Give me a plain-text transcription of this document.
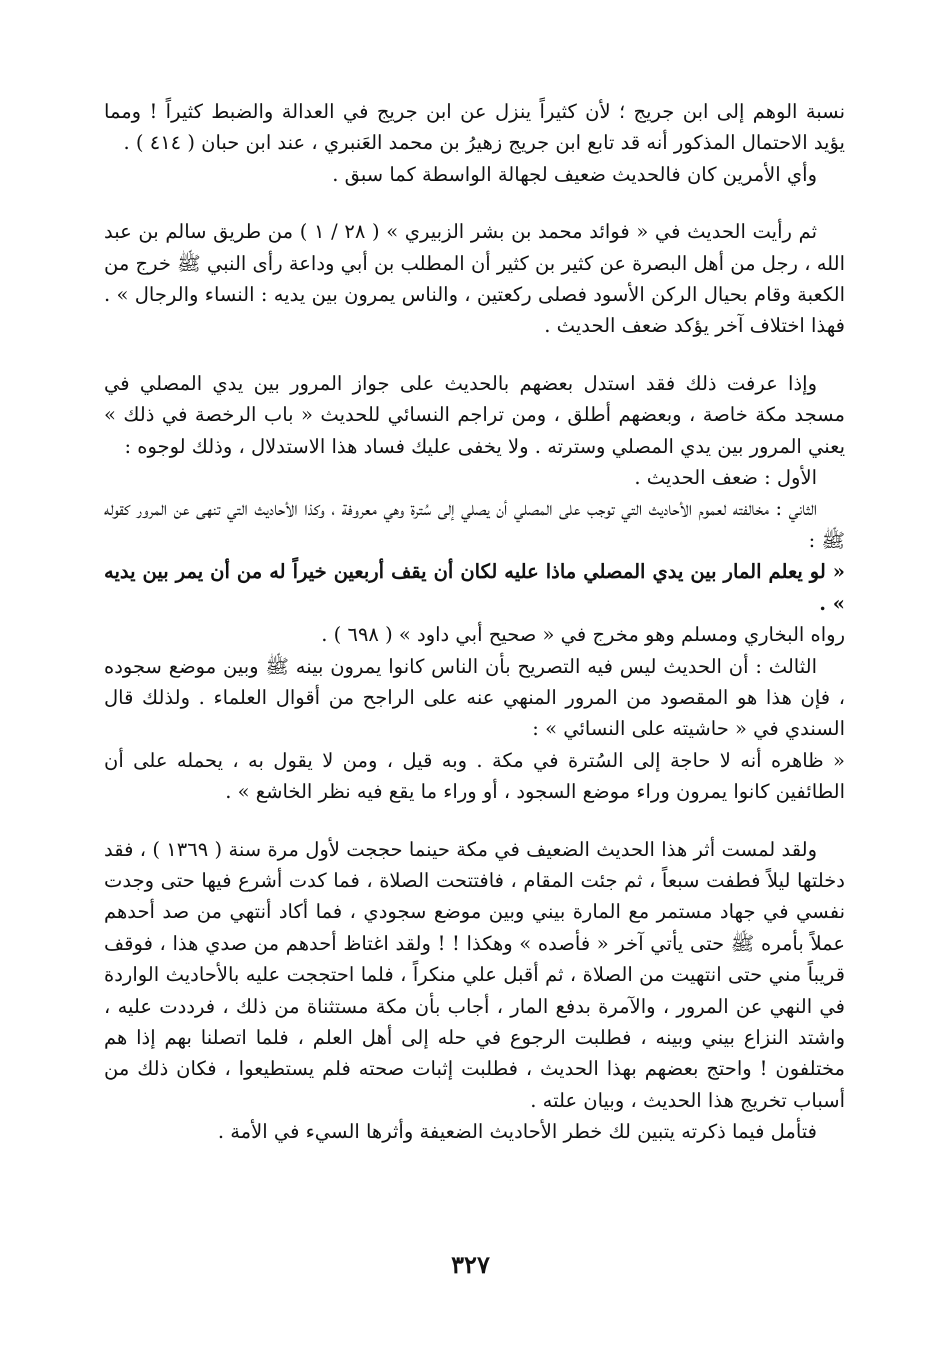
نسبة الوهم إلى ابن جريج ؛ لأن كثيراً ينزل عن ابن جريج في العدالة والضبط كثيراً ! ومما يؤيد الاحتمال المذكور أنه قد تابع ابن جريج زهيرُ بن محمد العَنبري ، عند ابن حبان ( ٤١٤ ) .

وأي الأمرين كان فالحديث ضعيف لجهالة الواسطة كما سبق .

ثم رأيت الحديث في « فوائد محمد بن بشر الزبيري » ( ٢٨ / ١ ) من طريق سالم بن عبد الله ، رجل من أهل البصرة عن كثير بن كثير أن المطلب بن أبي وداعة رأى النبي ﷺ خرج من الكعبة وقام بحيال الركن الأسود فصلى ركعتين ، والناس يمرون بين يديه : النساء والرجال » . فهذا اختلاف آخر يؤكد ضعف الحديث .

وإذا عرفت ذلك فقد استدل بعضهم بالحديث على جواز المرور بين يدي المصلي في مسجد مكة خاصة ، وبعضهم أطلق ، ومن تراجم النسائي للحديث « باب الرخصة في ذلك » يعني المرور بين يدي المصلي وسترته . ولا يخفى عليك فساد هذا الاستدلال ، وذلك لوجوه :

الأول : ضعف الحديث .

الثاني : مخالفته لعموم الأحاديث التي توجب على المصلي أن يصلي إلى سُترة وهي معروفة ، وكذا الأحاديث التي تنهى عن المرور كقوله ﷺ :

« لو يعلم المار بين يدي المصلي ماذا عليه لكان أن يقف أربعين خيراً له من أن يمر بين يديه » .

رواه البخاري ومسلم وهو مخرج في « صحيح أبي داود » ( ٦٩٨ ) .

الثالث : أن الحديث ليس فيه التصريح بأن الناس كانوا يمرون بينه ﷺ وبين موضع سجوده ، فإن هذا هو المقصود من المرور المنهي عنه على الراجح من أقوال العلماء . ولذلك قال السندي في « حاشيته على النسائي » :

« ظاهره أنه لا حاجة إلى السُترة في مكة . وبه قيل ، ومن لا يقول به ، يحمله على أن الطائفين كانوا يمرون وراء موضع السجود ، أو وراء ما يقع فيه نظر الخاشع » .

ولقد لمست أثر هذا الحديث الضعيف في مكة حينما حججت لأول مرة سنة ( ١٣٦٩ ) ، فقد دخلتها ليلاً فطفت سبعاً ، ثم جئت المقام ، فافتتحت الصلاة ، فما كدت أشرع فيها حتى وجدت نفسي في جهاد مستمر مع المارة بيني وبين موضع سجودي ، فما أكاد أنتهي من صد أحدهم عملاً بأمره ﷺ حتى يأتي آخر « فأصده » وهكذا ! ! ولقد اغتاظ أحدهم من صدي هذا ، فوقف قريباً مني حتى انتهيت من الصلاة ، ثم أقبل علي منكراً ، فلما احتججت عليه بالأحاديث الواردة في النهي عن المرور ، والآمرة بدفع المار ، أجاب بأن مكة مستثناة من ذلك ، فرددت عليه ، واشتد النزاع بيني وبينه ، فطلبت الرجوع في حله إلى أهل العلم ، فلما اتصلنا بهم إذا هم مختلفون ! واحتج بعضهم بهذا الحديث ، فطلبت إثبات صحته فلم يستطيعوا ، فكان ذلك من أسباب تخريج هذا الحديث ، وبيان علته .

فتأمل فيما ذكرته يتبين لك خطر الأحاديث الضعيفة وأثرها السيء في الأمة .

٣٢٧
